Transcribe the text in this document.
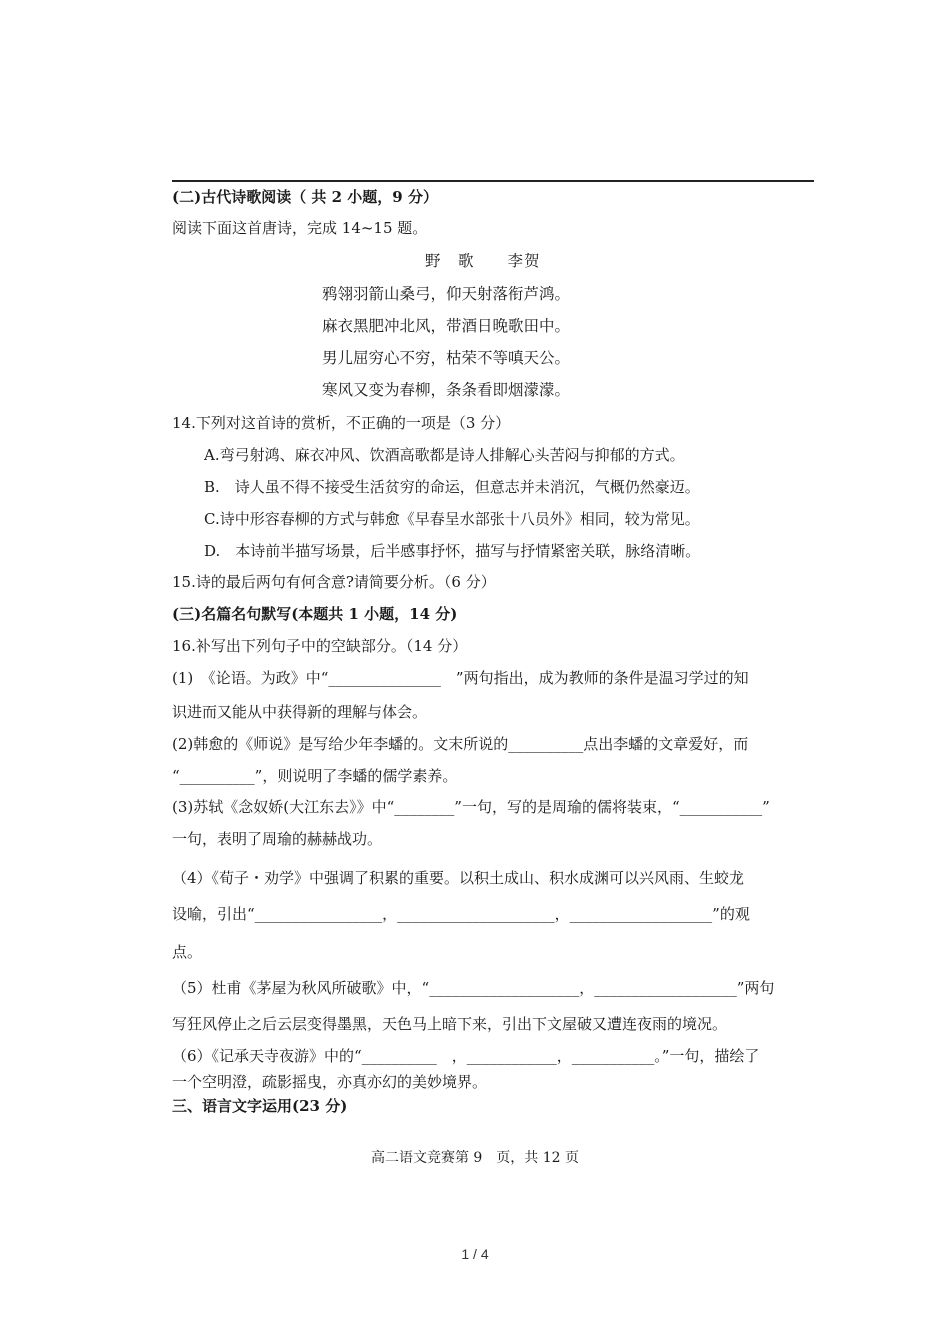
(二)古代诗歌阅读（ 共 2 小题，9 分）
阅读下面这首唐诗，完成 14~15 题。
野　歌　　李贺
鸦翎羽箭山桑弓，仰天射落衔芦鸿。
麻衣黑肥冲北风，带酒日晚歌田中。
男儿屈穷心不穷，枯荣不等嗔天公。
寒风又变为春柳，条条看即烟濛濛。
14.下列对这首诗的赏析，不正确的一项是（3 分）
A.弯弓射鸿、麻衣冲风、饮酒高歌都是诗人排解心头苦闷与抑郁的方式。
B.　诗人虽不得不接受生活贫穷的命运，但意志并未消沉，气概仍然豪迈。
C.诗中形容春柳的方式与韩愈《早春呈水部张十八员外》相同，较为常见。
D.　本诗前半描写场景，后半感事抒怀，描写与抒情紧密关联，脉络清晰。
15.诗的最后两句有何含意?请简要分析。（6 分）
(三)名篇名句默写(本题共 1 小题，14 分)
16.补写出下列句子中的空缺部分。（14 分）
(1)　《论语。为政》中“_______________　”两句指出，成为教师的条件是温习学过的知
识进而又能从中获得新的理解与体会。
(2)韩愈的《师说》是写给少年李蟠的。文末所说的__________点出李蟠的文章爱好，而
“__________”，则说明了李蟠的儒学素养。
(3)苏轼《念奴娇(大江东去》》中“________”一句，写的是周瑜的儒将装束，“___________”
一句，表明了周瑜的赫赫战功。
（4）《荀子・劝学》中强调了积累的重要。以积土成山、积水成渊可以兴风雨、生蛟龙
设喻，引出“_________________，_____________________，___________________”的观
点。
（5）杜甫《茅屋为秋风所破歌》中，“____________________，___________________”两句
写狂风停止之后云层变得墨黑，天色马上暗下来，引出下文屋破又遭连夜雨的境况。
（6）《记承天寺夜游》中的“__________　，____________，___________。”一句，描绘了
一个空明澄，疏影摇曳，亦真亦幻的美妙境界。
三、语言文字运用(23 分)
高二语文竞赛第 9　页，共 12 页
1 / 4
